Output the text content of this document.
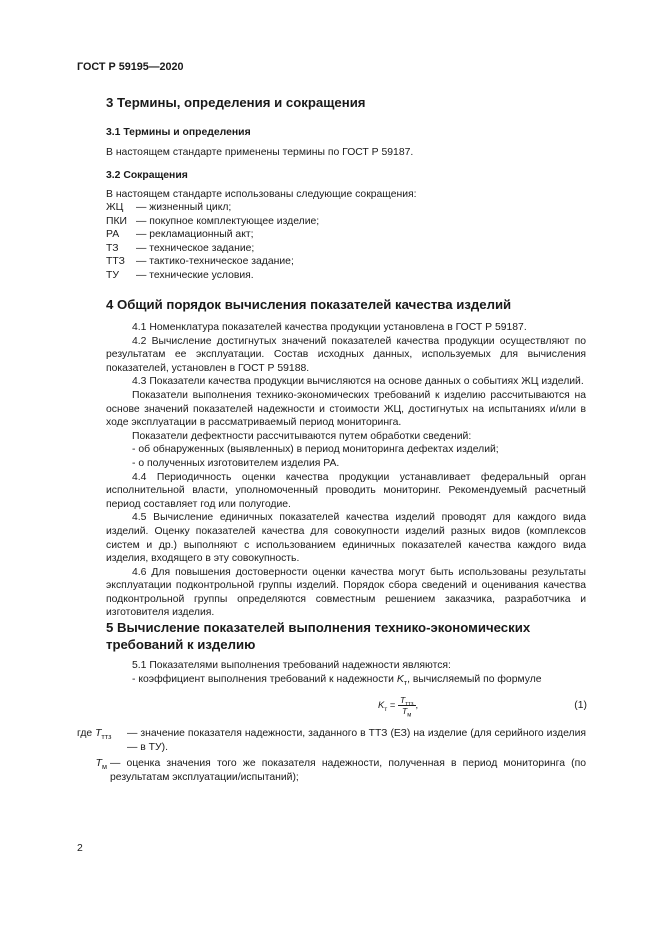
ГОСТ Р 59195—2020
3 Термины, определения и сокращения
3.1 Термины и определения
В настоящем стандарте применены термины по ГОСТ Р 59187.
3.2 Сокращения
В настоящем стандарте использованы следующие сокращения:
ЖЦ	— жизненный цикл;
ПКИ — покупное комплектующее изделие;
РА	— рекламационный акт;
ТЗ	— техническое задание;
ТТЗ	— тактико-техническое задание;
ТУ	— технические условия.
4 Общий порядок вычисления показателей качества изделий

4.1 Номенклатура показателей качества продукции установлена в ГОСТ Р 59187.

4.2 Вычисление достигнутых значений показателей качества продукции осуществляют по результатам ее эксплуатации. Состав исходных данных, используемых для вычисления показателей, установлен в ГОСТ Р 59188.

4.3 Показатели качества продукции вычисляются на основе данных о событиях ЖЦ изделий.

Показатели выполнения технико-экономических требований к изделию рассчитываются на основе значений показателей надежности и стоимости ЖЦ, достигнутых на испытаниях и/или в ходе эксплуатации в рассматриваемый период мониторинга.

Показатели дефектности рассчитываются путем обработки сведений:

- об обнаруженных (выявленных) в период мониторинга дефектах изделий;

- о полученных изготовителем изделия РА.

4.4 Периодичность оценки качества продукции устанавливает федеральный орган исполнительной власти, уполномоченный проводить мониторинг. Рекомендуемый расчетный период составляет год или полугодие.

4.5 Вычисление единичных показателей качества изделий проводят для каждого вида изделий. Оценку показателей качества для совокупности изделий разных видов (комплексов систем и др.) выполняют с использованием единичных показателей качества каждого вида изделия, входящего в эту совокупность.

4.6 Для повышения достоверности оценки качества могут быть использованы результаты эксплуатации подконтрольной группы изделий. Порядок сбора сведений и оценивания качества подконтрольной группы определяются совместным решением заказчика, разработчика и изготовителя изделия.

5 Вычисление показателей выполнения технико-экономических
требований к изделию

5.1 Показателями выполнения требований надежности являются:

- коэффициент выполнения требований к надежности $K_т$, вычисляемый по формуле

$K_т = \frac{T_{ттз}}{T_м}$ ,	(1)
где $T_{ттз}$	— значение показателя надежности, заданного в ТТЗ (ЕЗ) на изделие (для серийного изделия — в ТУ).
$T_м$ — оценка значения того же показателя надежности, полученная в период мониторинга (по результатам эксплуатации/испытаний);
2
